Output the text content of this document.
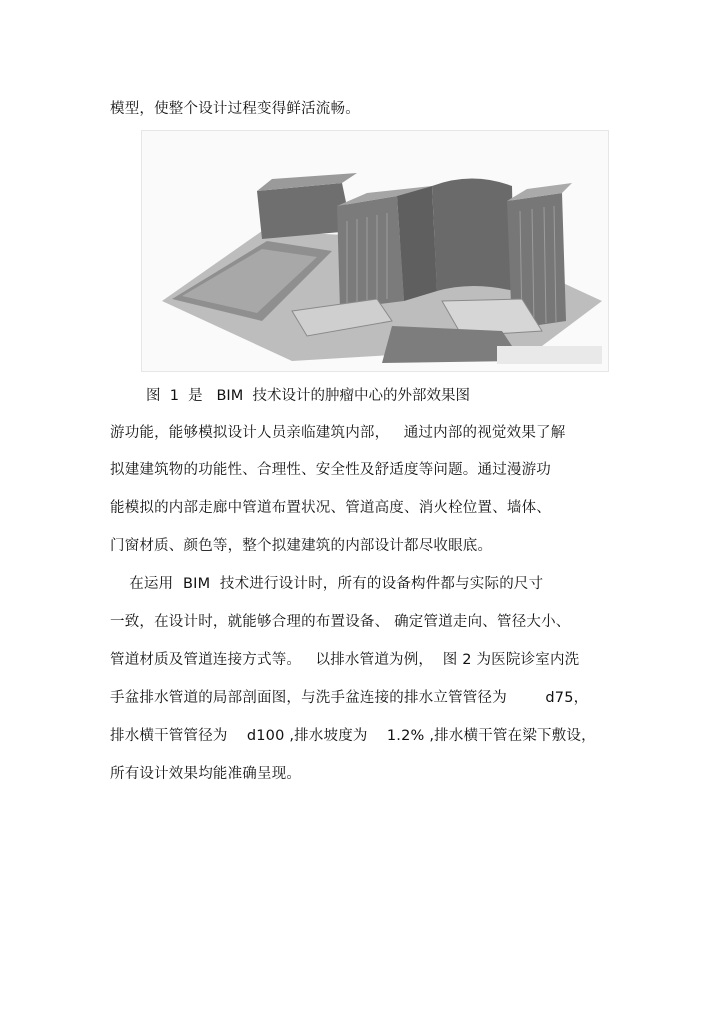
模型，使整个设计过程变得鲜活流畅。
图  1  是   BIM  技术设计的肿瘤中心的外部效果图
游功能，能够模拟设计人员亲临建筑内部，   通过内部的视觉效果了解
拟建建筑物的功能性、合理性、安全性及舒适度等问题。通过漫游功
能模拟的内部走廊中管道布置状况、管道高度、消火栓位置、墙体、
门窗材质、颜色等，整个拟建建筑的内部设计都尽收眼底。
在运用  BIM  技术进行设计时，所有的设备构件都与实际的尺寸
一致，在设计时，就能够合理的布置设备、 确定管道走向、管径大小、
管道材质及管道连接方式等。   以排水管道为例，  图 2 为医院诊室内洗
手盆排水管道的局部剖面图，与洗手盆连接的排水立管管径为        d75，
排水横干管管径为    d100 ,排水坡度为    1.2% ,排水横干管在梁下敷设，
所有设计效果均能准确呈现。
